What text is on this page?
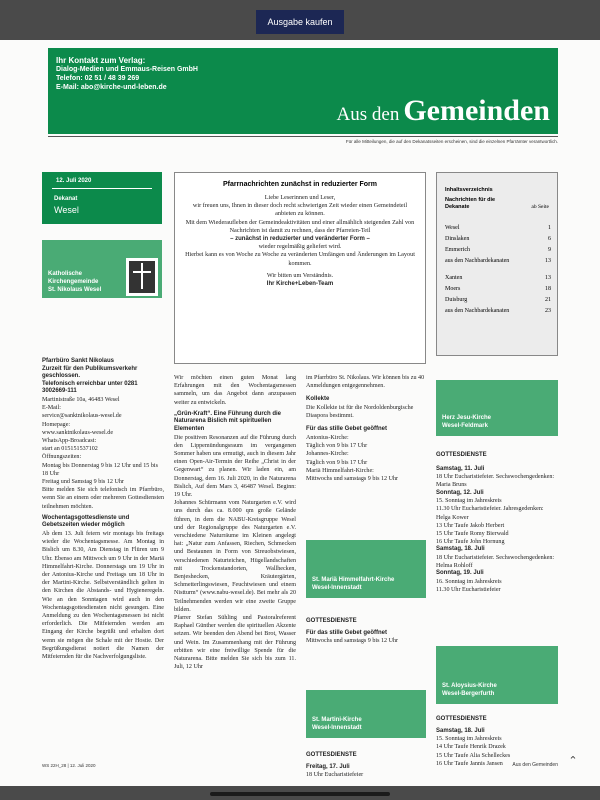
Ausgabe kaufen
Ihr Kontakt zum Verlag:
Dialog-Medien und Emmaus-Reisen GmbH
Telefon: 02 51 / 48 39 269
E-Mail: abo@kirche-und-leben.de
Aus den Gemeinden
Für alle Mitteilungen, die auf den Dekanatsseiten erscheinen, sind die einzelnen Pfarrämter verantwortlich.
12. Juli 2020
Dekanat
Wesel
Katholische
Kirchengemeinde
St. Nikolaus Wesel
Pfarrnachrichten zunächst in reduzierter Form
Liebe Leserinnen und Leser,
wir freuen uns, Ihnen in dieser doch recht schwierigen Zeit wieder einen Gemeindeteil anbieten zu können.
Mit dem Wiederaufleben der Gemeindeaktivitäten und einer allmählich steigenden Zahl von Nachrichten ist damit zu rechnen, dass der Pfarreien-Teil
– zunächst in reduzierter und veränderter Form –
wieder regelmäßig geliefert wird.
Hierbei kann es von Woche zu Woche zu veränderten Umfängen und Änderungen im Layout kommen.
Wir bitten um Verständnis.
Ihr Kirche+Leben-Team
Inhaltsverzeichnis
Nachrichten für die Dekanate	ab Seite
Wesel	1
Dinslaken	6
Emmerich	9
aus den Nachbardekanaten	13
Xanten	13
Moers	18
Duisburg	21
aus den Nachbardekanaten	23
Pfarrbüro Sankt Nikolaus
Zurzeit für den Publikumsverkehr geschlossen.
Telefonisch erreichbar unter 0281 3002669-111
Martinistraße 10a, 46483 Wesel
E-Mail:
service@sanktnikolaus-wesel.de
Homepage:
www.sanktnikolaus-wesel.de
WhatsApp-Broadcast:
start an 015151537102
Öffnungszeiten:
Montag bis Donnerstag 9 bis 12 Uhr und 15 bis 18 Uhr
Freitag und Samstag 9 bis 12 Uhr
Bitte melden Sie sich telefonisch im Pfarrbüro, wenn Sie an einem oder mehreren Gottesdiensten teilnehmen möchten.
Wochentagsgottesdienste und Gebetszeiten wieder möglich
Ab dem 13. Juli feiern wir montags bis freitags wieder die Wochentagsmesse. Am Montag in Bislich um 8.30, Am Dienstag in Flüren um 9 Uhr. Ebenso am Mittwoch um 9 Uhr in der Mariä Himmelfahrt-Kirche. Donnerstags um 19 Uhr in der Antonius-Kirche und Freitags um 18 Uhr in der Martini-Kirche. Selbstverständlich gelten in den Kirchen die Abstands- und Hygieneregeln. Wie an den Sonntagen wird auch in den Wochentagsgottesdiensten nicht gesungen. Eine Anmeldung zu den Wochentagsmessen ist nicht erforderlich. Die Mitfeiernden werden am Eingang der Kirche begrüßt und erhalten dort wenn sie mögen die Schale mit der Hostie. Der Begrüßungsdienst notiert die Namen der Mitfeiernden für die Nachverfolgungsliste.
Wir möchten einen guten Monat lang Erfahrungen mit den Wochentagsmessen sammeln, um das Angebot dann anzupassen weiter zu entwickeln.
„Grün-Kraft“. Eine Führung durch die Naturarena Bislich mit spirituellen Elementen
Die positiven Resonanzen auf die Führung durch den Lippemündungsraum im vergangenen Sommer haben uns ermutigt, auch in diesem Jahr einen Open-Air-Termin der Reihe „Christ in der Gegenwart“ zu planen. Wir laden ein, am Donnerstag, dem 16. Juli 2020, in die Naturarena Bislich, Auf dem Mars 3, 46487 Wesel. Beginn: 19 Uhr.
Johannes Schürmann vom Naturgarten e.V. wird uns durch das ca. 8.000 qm große Gelände führen, in dem die NABU-Kreisgruppe Wesel und der Regionalgruppe des Naturgarten e.V. verschiedene Naturräume im Kleinen angelegt hat: „Natur zum Anfassen, Riechen, Schmecken und Bestaunen in Form von Streuobstwiesen, verschiedenen Naturteichen, Hügellandschaften mit Trockenstandorten, Wallhecken, Benjeshecken, Kräutergärten, Schmetterlingswiesen, Feuchtwiesen und einem Nistturm“ (www.nabu-wesel.de). Bei mehr als 20 Teilnehmenden werden wir eine zweite Gruppe bilden.
Pfarrer Stefan Sühling und Pastoralreferent Raphael Günther werden die spirituellen Akzente setzen. Wir beenden den Abend bei Brot, Wasser und Wein. Im Zusammenhang mit der Führung erbitten wir eine freiwillige Spende für die Naturarena. Bitte melden Sie sich bis zum 11. Juli, 12 Uhr
im Pfarrbüro St. Nikolaus. Wir können bis zu 40 Anmeldungen entgegennehmen.
Kollekte
Die Kollekte ist für die Nordoldenburgische Diaspora bestimmt.
Für das stille Gebet geöffnet
Antonius-Kirche:
Täglich von 9 bis 17 Uhr
Johannes-Kirche:
Täglich von 9 bis 17 Uhr
Mariä Himmelfahrt-Kirche:
Mittwochs und samstags 9 bis 12 Uhr
Herz Jesu-Kirche
Wesel-Feldmark
St. Mariä Himmelfahrt-Kirche
Wesel-Innenstadt
St. Martini-Kirche
Wesel-Innenstadt
St. Aloysius-Kirche
Wesel-Bergerfurth
GOTTESDIENSTE
Für das stille Gebet geöffnet
Mittwochs und samstags 9 bis 12 Uhr
GOTTESDIENSTE
Freitag, 17. Juli
18 Uhr Eucharistiefeier
GOTTESDIENSTE
Samstag, 11. Juli
18 Uhr Eucharistiefeier. Sechswochengedenken: Maria Bruns
Sonntag, 12. Juli
15. Sonntag im Jahreskreis
11.30 Uhr Eucharistiefeier. Jahresgedenken: Helga Kower
13 Uhr Taufe Jakob Herbert
15 Uhr Taufe Romy Bierwald
16 Uhr Taufe John Hornung
Samstag, 18. Juli
18 Uhr Eucharistiefeier. Sechswochengedenken: Helma Rohloff
Sonntag, 19. Juli
16. Sonntag im Jahreskreis
11.30 Uhr Eucharistiefeier
GOTTESDIENSTE
Samstag, 18. Juli
15. Sonntag im Jahreskreis
14 Uhr Taufe Henrik Drazek
15 Uhr Taufe Alia Schelleckes
16 Uhr Taufe Jannis Jansen
WS 22H_28 | 12. Juli 2020	Aus den Gemeinden ⌃
